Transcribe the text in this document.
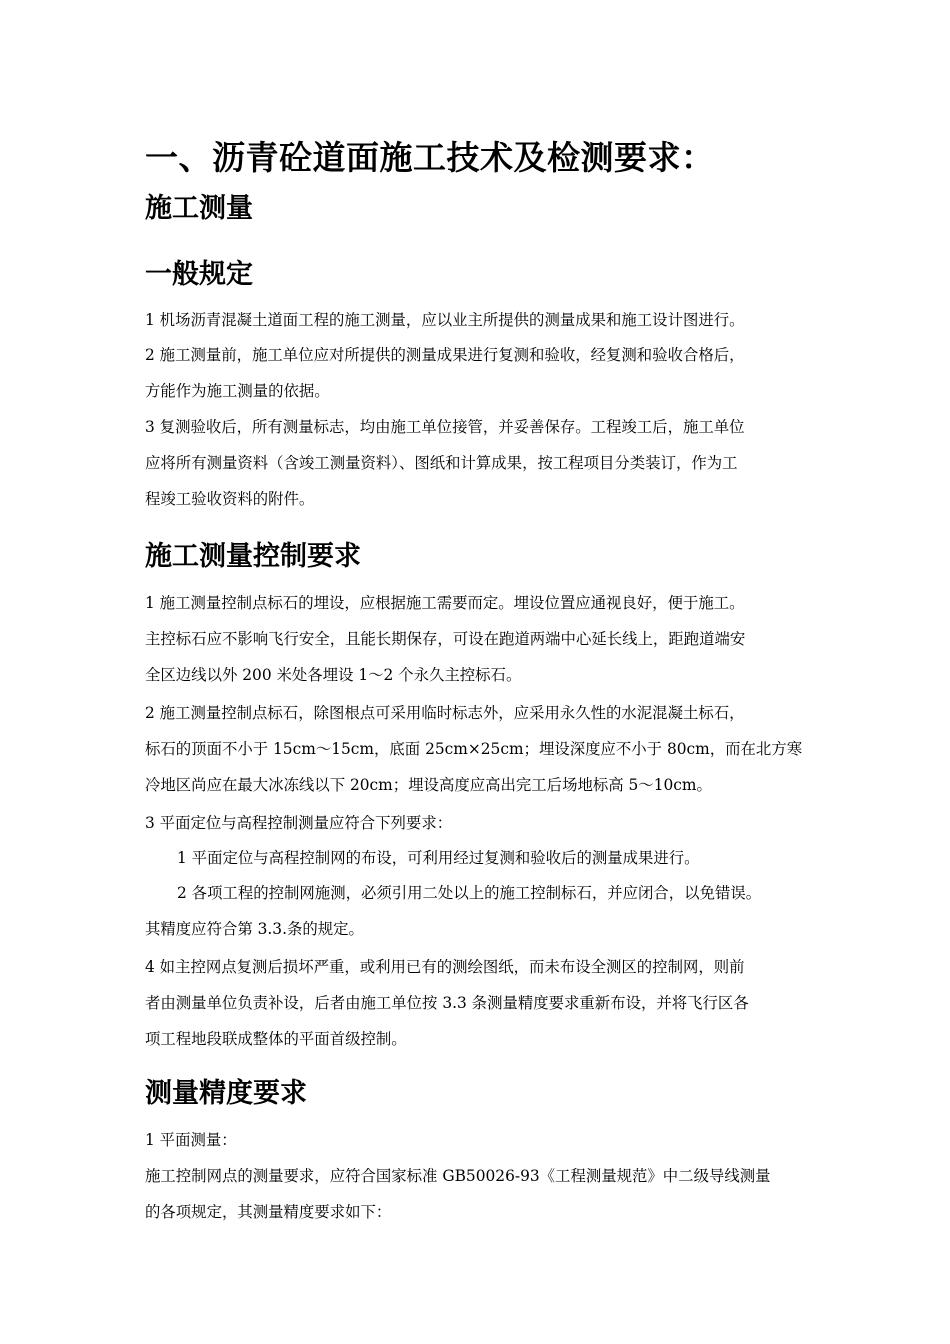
一、沥青砼道面施工技术及检测要求：
施工测量
一般规定
1 机场沥青混凝土道面工程的施工测量，应以业主所提供的测量成果和施工设计图进行。
2 施工测量前，施工单位应对所提供的测量成果进行复测和验收，经复测和验收合格后，
方能作为施工测量的依据。
3 复测验收后，所有测量标志，均由施工单位接管，并妥善保存。工程竣工后，施工单位
应将所有测量资料（含竣工测量资料）、图纸和计算成果，按工程项目分类装订，作为工
程竣工验收资料的附件。
施工测量控制要求
1 施工测量控制点标石的埋设，应根据施工需要而定。埋设位置应通视良好，便于施工。
主控标石应不影响飞行安全，且能长期保存，可设在跑道两端中心延长线上，距跑道端安
全区边线以外 200 米处各埋设 1～2 个永久主控标石。
2 施工测量控制点标石，除图根点可采用临时标志外，应采用永久性的水泥混凝土标石，
标石的顶面不小于 15cm～15cm，底面 25cm×25cm；埋设深度应不小于 80cm，而在北方寒
冷地区尚应在最大冰冻线以下 20cm；埋设高度应高出完工后场地标高 5～10cm。
3 平面定位与高程控制测量应符合下列要求：
1 平面定位与高程控制网的布设，可利用经过复测和验收后的测量成果进行。
2 各项工程的控制网施测，必须引用二处以上的施工控制标石，并应闭合，以免错误。
其精度应符合第 3.3.条的规定。
4 如主控网点复测后损坏严重，或利用已有的测绘图纸，而未布设全测区的控制网，则前
者由测量单位负责补设，后者由施工单位按 3.3 条测量精度要求重新布设，并将飞行区各
项工程地段联成整体的平面首级控制。
测量精度要求
1 平面测量：
施工控制网点的测量要求，应符合国家标准 GB50026-93《工程测量规范》中二级导线测量
的各项规定，其测量精度要求如下：
